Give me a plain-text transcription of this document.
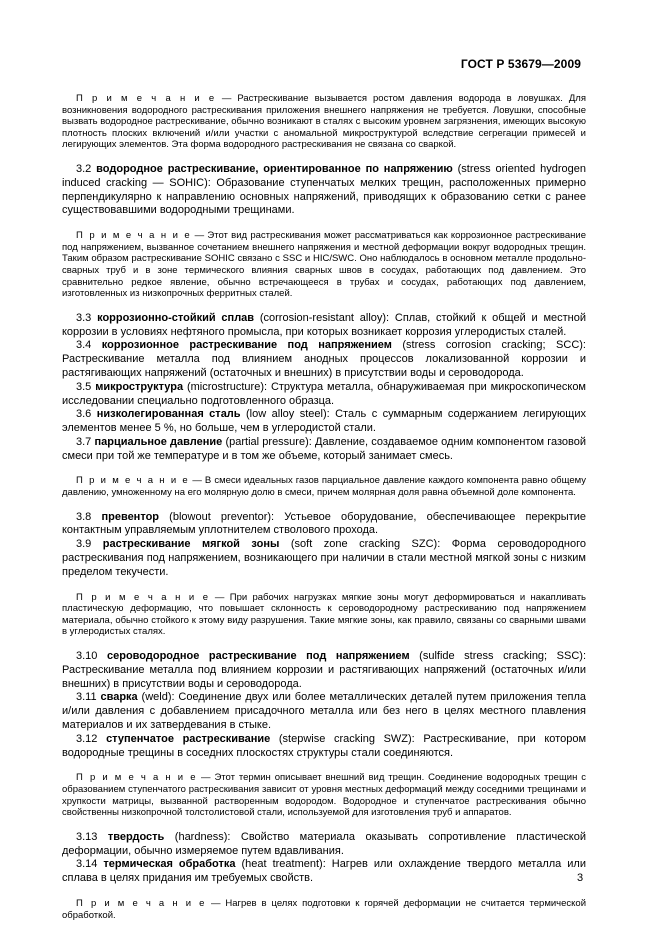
ГОСТ Р 53679—2009

П р и м е ч а н и е — Растрескивание вызывается ростом давления водорода в ловушках. Для возникновения водородного растрескивания приложения внешнего напряжения не требуется. Ловушки, способные вызвать водородное растрескивание, обычно возникают в сталях с высоким уровнем загрязнения, имеющих высокую плотность плоских включений и/или участки с аномальной микроструктурой вследствие сегрегации примесей и легирующих элементов. Эта форма водородного растрескивания не связана со сваркой.

3.2 водородное растрескивание, ориентированное по напряжению (stress oriented hydrogen induced cracking — SOHIC): Образование ступенчатых мелких трещин, расположенных примерно перпендикулярно к направлению основных напряжений, приводящих к образованию сетки с ранее существовавшими водородными трещинами.

П р и м е ч а н и е — Этот вид растрескивания может рассматриваться как коррозионное растрескивание под напряжением, вызванное сочетанием внешнего напряжения и местной деформации вокруг водородных трещин. Таким образом растрескивание SOHIC связано с SSC и HIC/SWC. Оно наблюдалось в основном металле продольно-сварных труб и в зоне термического влияния сварных швов в сосудах, работающих под давлением. Это сравнительно редкое явление, обычно встречающееся в трубах и сосудах, работающих под давлением, изготовленных из низкопрочных ферритных сталей.

3.3 коррозионно-стойкий сплав (corrosion-resistant alloy): Сплав, стойкий к общей и местной коррозии в условиях нефтяного промысла, при которых возникает коррозия углеродистых сталей.

3.4 коррозионное растрескивание под напряжением (stress corrosion cracking; SCC): Растрескивание металла под влиянием анодных процессов локализованной коррозии и растягивающих напряжений (остаточных и внешних) в присутствии воды и сероводорода.

3.5 микроструктура (microstructure): Структура металла, обнаруживаемая при микроскопическом исследовании специально подготовленного образца.

3.6 низколегированная сталь (low alloy steel): Сталь с суммарным содержанием легирующих элементов менее 5 %, но больше, чем в углеродистой стали.

3.7 парциальное давление (partial pressure): Давление, создаваемое одним компонентом газовой смеси при той же температуре и в том же объеме, который занимает смесь.

П р и м е ч а н и е — В смеси идеальных газов парциальное давление каждого компонента равно общему давлению, умноженному на его молярную долю в смеси, причем молярная доля равна объемной доле компонента.

3.8 превентор (blowout preventor): Устьевое оборудование, обеспечивающее перекрытие контактным управляемым уплотнителем стволового прохода.

3.9 растрескивание мягкой зоны (soft zone cracking SZC): Форма сероводородного растрескивания под напряжением, возникающего при наличии в стали местной мягкой зоны с низким пределом текучести.

П р и м е ч а н и е — При рабочих нагрузках мягкие зоны могут деформироваться и накапливать пластическую деформацию, что повышает склонность к сероводородному растрескиванию под напряжением материала, обычно стойкого к этому виду разрушения. Такие мягкие зоны, как правило, связаны со сварными швами в углеродистых сталях.

3.10 сероводородное растрескивание под напряжением (sulfide stress cracking; SSC): Растрескивание металла под влиянием коррозии и растягивающих напряжений (остаточных и/или внешних) в присутствии воды и сероводорода.

3.11 сварка (weld): Соединение двух или более металлических деталей путем приложения тепла и/или давления с добавлением присадочного металла или без него в целях местного плавления материалов и их затвердевания в стыке.

3.12 ступенчатое растрескивание (stepwise cracking SWZ): Растрескивание, при котором водородные трещины в соседних плоскостях структуры стали соединяются.

П р и м е ч а н и е — Этот термин описывает внешний вид трещин. Соединение водородных трещин с образованием ступенчатого растрескивания зависит от уровня местных деформаций между соседними трещинами и хрупкости матрицы, вызванной растворенным водородом. Водородное и ступенчатое растрескивания обычно свойственны низкопрочной толстолистовой стали, используемой для изготовления труб и аппаратов.

3.13 твердость (hardness): Свойство материала оказывать сопротивление пластической деформации, обычно измеряемое путем вдавливания.

3.14 термическая обработка (heat treatment): Нагрев или охлаждение твердого металла или сплава в целях придания им требуемых свойств.

П р и м е ч а н и е — Нагрев в целях подготовки к горячей деформации не считается термической обработкой.

3
